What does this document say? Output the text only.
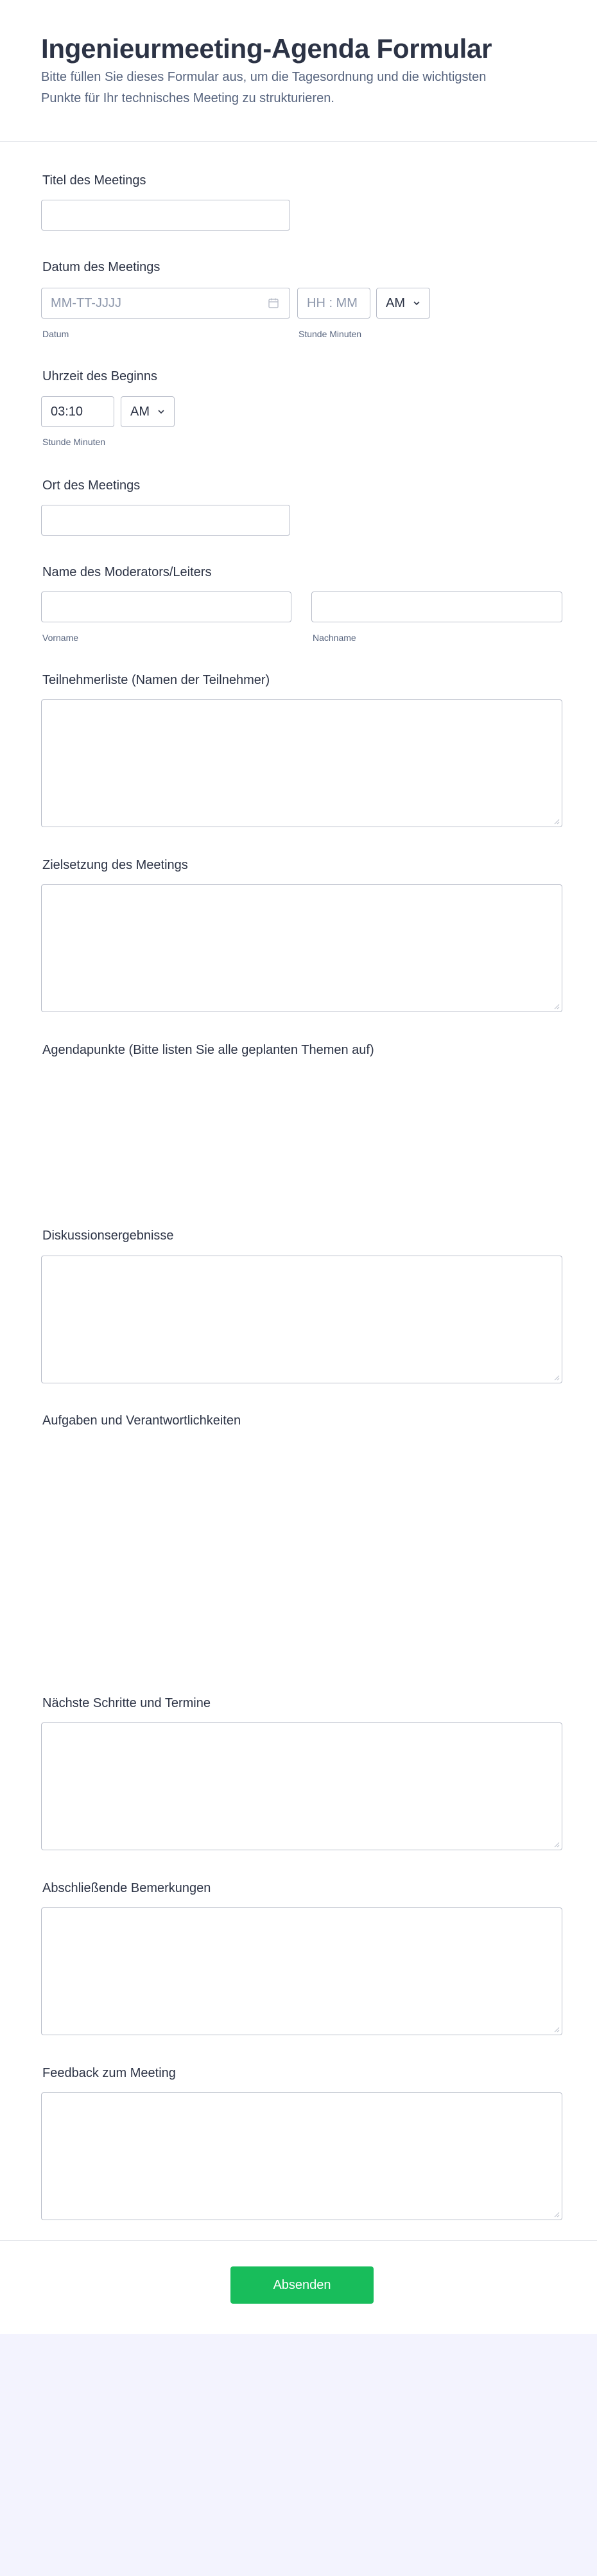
Ingenieurmeeting-Agenda Formular

Bitte füllen Sie dieses Formular aus, um die Tagesordnung und die wichtigsten Punkte für Ihr technisches Meeting zu strukturieren.

Titel des Meetings
Datum des Meetings
MM-TT-JJJJ
Datum
HH : MM
Stunde Minuten
AM
Uhrzeit des Beginns
03:10	AM
Stunde Minuten
Ort des Meetings
Name des Moderators/Leiters
Vorname	Nachname
Teilnehmerliste (Namen der Teilnehmer)
Zielsetzung des Meetings
Agendapunkte (Bitte listen Sie alle geplanten Themen auf)
Diskussionsergebnisse
Aufgaben und Verantwortlichkeiten
Nächste Schritte und Termine
Abschließende Bemerkungen
Feedback zum Meeting
Absenden
